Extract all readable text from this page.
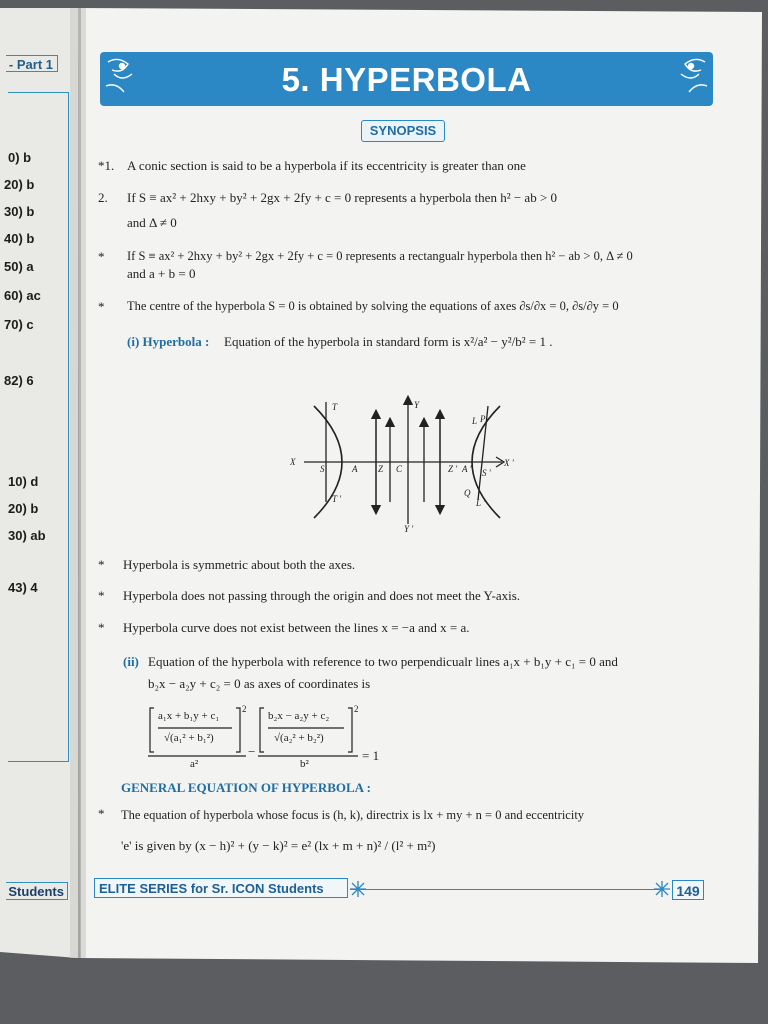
- Part 1
0) b
20) b
30) b
40) b
50) a
60) ac
70) c
82) 6
10) d
20) b
30) ab
43) 4
Students
5. HYPERBOLA
SYNOPSIS
*1. A conic section is said to be a hyperbola if its eccentricity is greater than one
2. If S ≡ ax² + 2hxy + by² + 2gx + 2fy + c = 0 represents a hyperbola then h² − ab > 0
and Δ ≠ 0
* If S ≡ ax² + 2hxy + by² + 2gx + 2fy + c = 0 represents a rectangualr hyperbola then h² − ab > 0, Δ ≠ 0
and a + b = 0
* The centre of the hyperbola S = 0 is obtained by solving the equations of axes ∂s/∂x = 0, ∂s/∂y = 0
(i) Hyperbola : Equation of the hyperbola in standard form is x²/a² − y²/b² = 1 .
X	X '
Y
Y '
T
T '
S	S '
A	A '
Z	Z '
C
L
L '
P
Q
* Hyperbola is symmetric about both the axes.
* Hyperbola does not passing through the origin and does not meet the Y-axis.
* Hyperbola curve does not exist between the lines x = −a and x = a.
(ii) Equation of the hyperbola with reference to two perpendicualr lines a₁x + b₁y + c₁ = 0 and
b₂x − a₂y + c₂ = 0 as axes of coordinates is
2	2
a₁x + b₁y + c₁
√(a₁² + b₁²)
a²
−
b₂x − a₂y + c₂
√(a₂² + b₂²)
b²
= 1
GENERAL EQUATION OF HYPERBOLA :
* The equation of hyperbola whose focus is (h, k), directrix is lx + my + n = 0 and eccentricity
'e' is given by (x − h)² + (y − k)² = e² (lx + m + n)² / (l² + m²)
ELITE SERIES for Sr. ICON Students	149
